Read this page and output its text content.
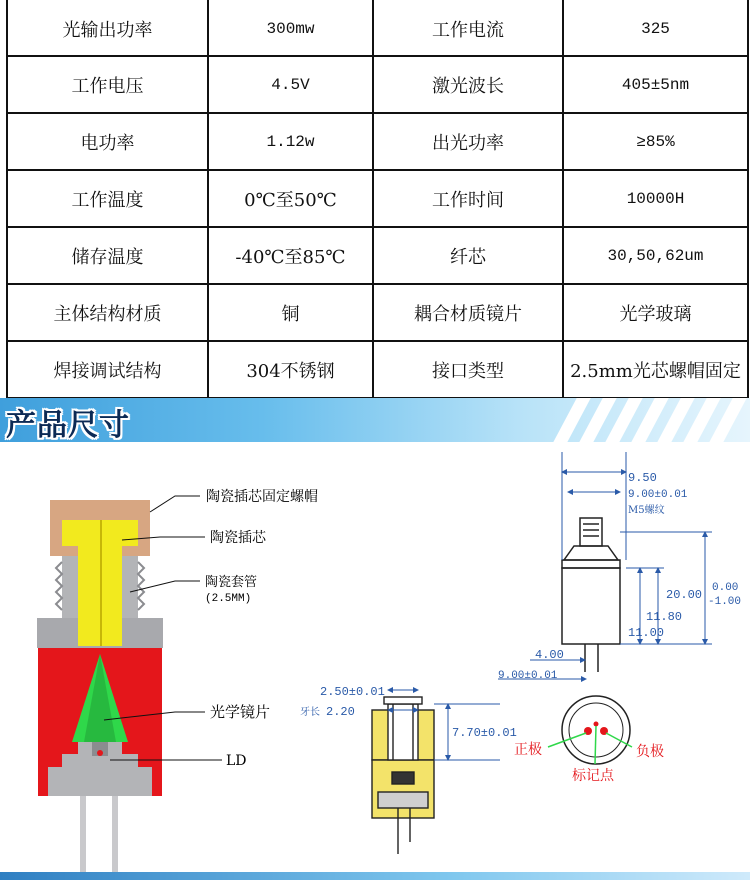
光输出功率	300mw	工作电流	325
工作电压	4.5V	激光波长	405±5nm
电功率	1.12w	出光功率	≥85%
工作温度	0℃至50℃	工作时间	10000H
储存温度	-40℃至85℃	纤芯	30,50,62um
主体结构材质	铜	耦合材质镜片	光学玻璃
焊接调试结构	304不锈钢	接口类型	2.5mm光芯螺帽固定
产品尺寸
陶瓷插芯固定螺帽
陶瓷插芯
陶瓷套管
(2.5MM)
光学镜片
LD
9.50
9.00±0.01
M5螺纹
20.00 0.00
-1.00
11.80
11.00
4.00
9.00±0.01
2.50±0.01
牙长 2.20
7.70±0.01
正极	负极
标记点
